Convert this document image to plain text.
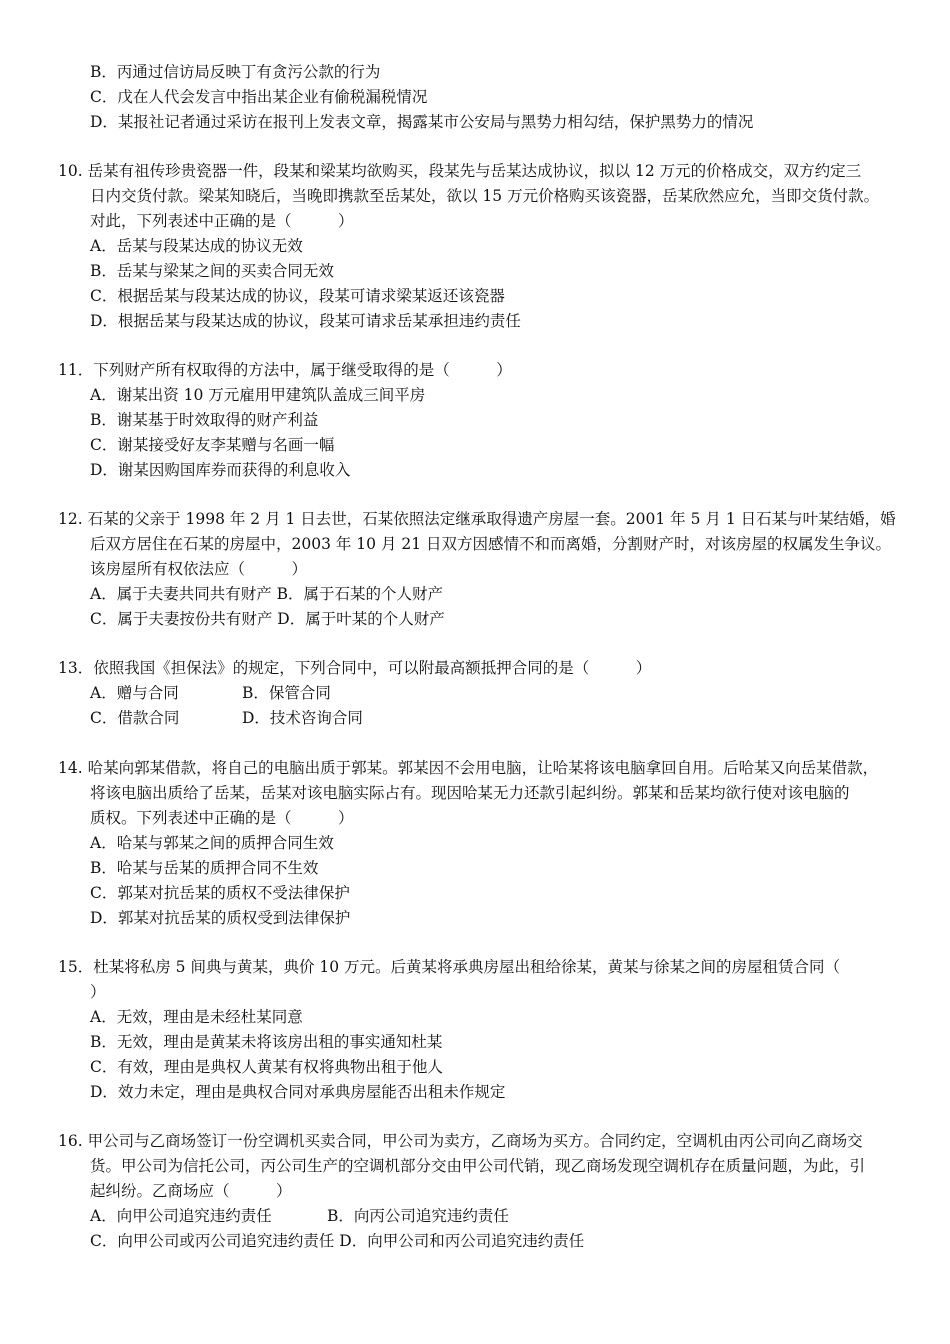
B．丙通过信访局反映丁有贪污公款的行为
C．戊在人代会发言中指出某企业有偷税漏税情况
D．某报社记者通过采访在报刊上发表文章，揭露某市公安局与黑势力相勾结，保护黑势力的情况
10. 岳某有祖传珍贵瓷器一件，段某和梁某均欲购买，段某先与岳某达成协议，拟以 12 万元的价格成交，双方约定三
日内交货付款。梁某知晓后，当晚即携款至岳某处，欲以 15 万元价格购买该瓷器，岳某欣然应允，当即交货付款。
对此，下列表述中正确的是（　　　）
A．岳某与段某达成的协议无效
B．岳某与梁某之间的买卖合同无效
C．根据岳某与段某达成的协议，段某可请求梁某返还该瓷器
D．根据岳某与段某达成的协议，段某可请求岳某承担违约责任
11．下列财产所有权取得的方法中，属于继受取得的是（　　　）
A．谢某出资 10 万元雇用甲建筑队盖成三间平房
B．谢某基于时效取得的财产利益
C．谢某接受好友李某赠与名画一幅
D．谢某因购国库券而获得的利息收入
12. 石某的父亲于 1998 年 2 月 1 日去世，石某依照法定继承取得遗产房屋一套。2001 年 5 月 1 日石某与叶某结婚，婚
后双方居住在石某的房屋中，2003 年 10 月 21 日双方因感情不和而离婚，分割财产时，对该房屋的权属发生争议。
该房屋所有权依法应（　　　）
A．属于夫妻共同共有财产 B．属于石某的个人财产
C．属于夫妻按份共有财产 D．属于叶某的个人财产
13．依照我国《担保法》的规定，下列合同中，可以附最高额抵押合同的是（　　　）
A．赠与合同	B．保管合同
C．借款合同	D．技术咨询合同
14. 哈某向郭某借款，将自己的电脑出质于郭某。郭某因不会用电脑，让哈某将该电脑拿回自用。后哈某又向岳某借款，
将该电脑出质给了岳某，岳某对该电脑实际占有。现因哈某无力还款引起纠纷。郭某和岳某均欲行使对该电脑的
质权。下列表述中正确的是（　　　）
A．哈某与郭某之间的质押合同生效
B．哈某与岳某的质押合同不生效
C．郭某对抗岳某的质权不受法律保护
D．郭某对抗岳某的质权受到法律保护
15．杜某将私房 5 间典与黄某，典价 10 万元。后黄某将承典房屋出租给徐某，黄某与徐某之间的房屋租赁合同（
）
A．无效，理由是未经杜某同意
B．无效，理由是黄某未将该房出租的事实通知杜某
C．有效，理由是典权人黄某有权将典物出租于他人
D．效力未定，理由是典权合同对承典房屋能否出租未作规定
16. 甲公司与乙商场签订一份空调机买卖合同，甲公司为卖方，乙商场为买方。合同约定，空调机由丙公司向乙商场交
货。甲公司为信托公司，丙公司生产的空调机部分交由甲公司代销，现乙商场发现空调机存在质量问题，为此，引
起纠纷。乙商场应（　　　）
A．向甲公司追究违约责任	B．向丙公司追究违约责任
C．向甲公司或丙公司追究违约责任 D．向甲公司和丙公司追究违约责任
